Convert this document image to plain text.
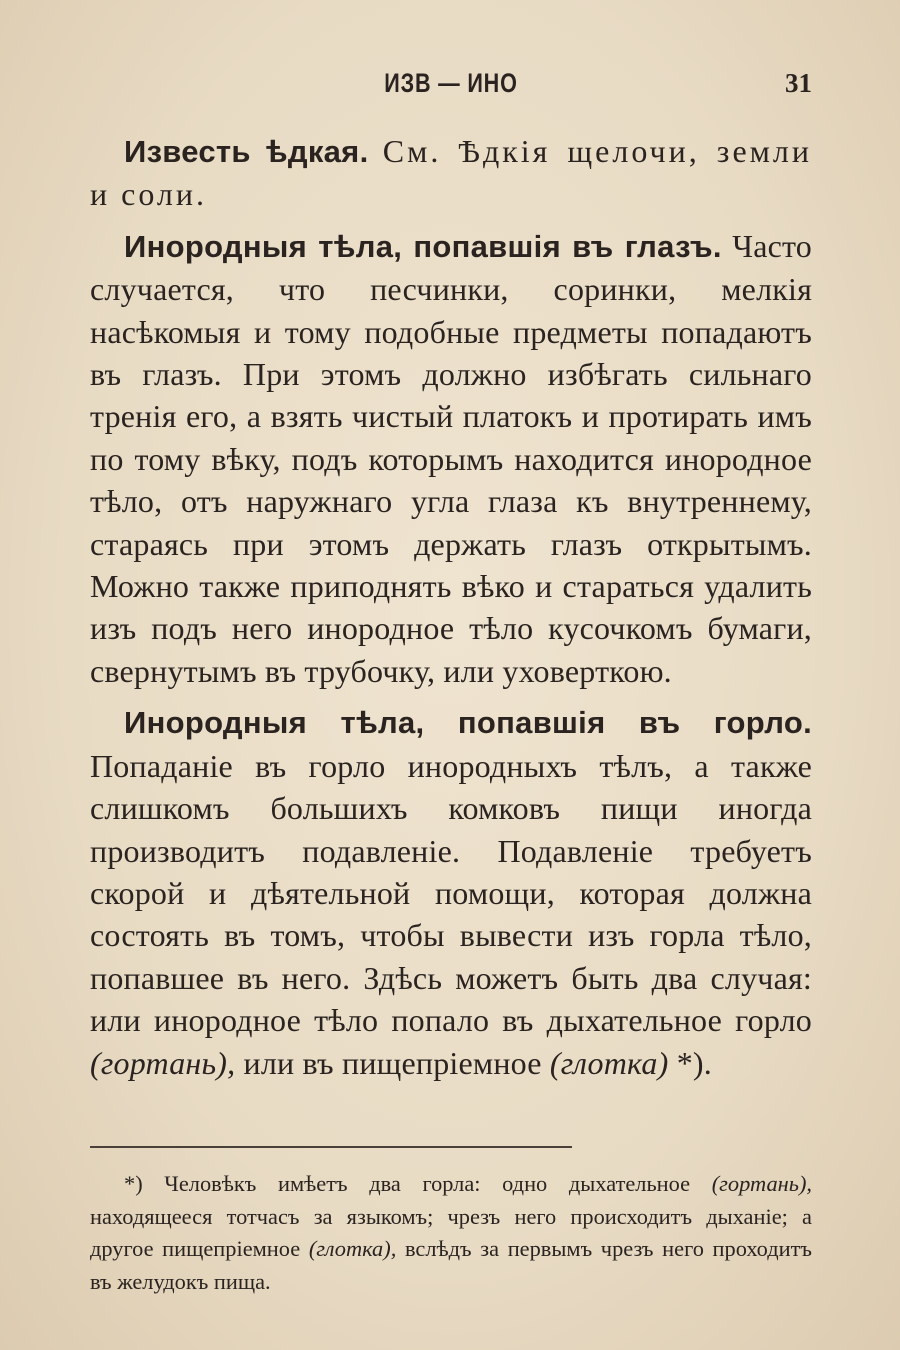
ИЗВ — ИНО	31

Известь ѣдкая. См. Ѣдкія щелочи, земли и соли.

Инородныя тѣла, попавшія въ глазъ. Часто случается, что песчинки, соринки, мелкія насѣкомыя и тому подобные предметы попадаютъ въ глазъ. При этомъ должно избѣгать сильнаго тренія его, а взять чистый платокъ и протирать имъ по тому вѣку, подъ которымъ находится инородное тѣло, отъ наружнаго угла глаза къ внутреннему, стараясь при этомъ держать глазъ открытымъ. Можно также приподнять вѣко и стараться удалить изъ подъ него инородное тѣло кусочкомъ бумаги, свернутымъ въ трубочку, или уховерткою.

Инородныя тѣла, попавшія въ горло. Попаданіе въ горло инородныхъ тѣлъ, а также слишкомъ большихъ комковъ пищи иногда производитъ подавленіе. Подавленіе требуетъ скорой и дѣятельной помощи, которая должна состоять въ томъ, чтобы вывести изъ горла тѣло, попавшее въ него. Здѣсь можетъ быть два случая: или инородное тѣло попало въ дыхательное горло (гортань), или въ пищепріемное (глотка) *).

*) Человѣкъ имѣетъ два горла: одно дыхательное (гортань), находящееся тотчасъ за языкомъ; чрезъ него происходитъ дыханіе; а другое пищепріемное (глотка), вслѣдъ за первымъ чрезъ него проходитъ въ желудокъ пища.
